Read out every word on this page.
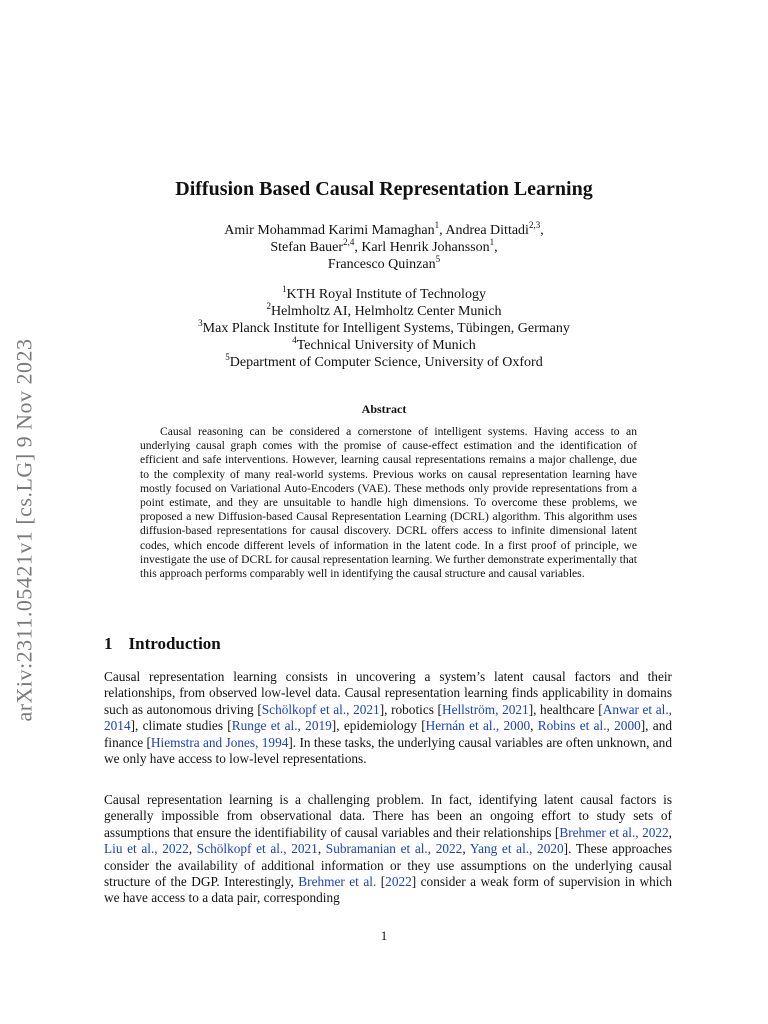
arXiv:2311.05421v1 [cs.LG] 9 Nov 2023
Diffusion Based Causal Representation Learning
Amir Mohammad Karimi Mamaghan$^1$, Andrea Dittadi$^{2,3}$,
Stefan Bauer$^{2,4}$, Karl Henrik Johansson$^1$,
Francesco Quinzan$^5$
$^1$KTH Royal Institute of Technology
$^2$Helmholtz AI, Helmholtz Center Munich
$^3$Max Planck Institute for Intelligent Systems, Tübingen, Germany
$^4$Technical University of Munich
$^5$Department of Computer Science, University of Oxford
Abstract

Causal reasoning can be considered a cornerstone of intelligent systems. Having access to an underlying causal graph comes with the promise of cause-effect estimation and the identification of efficient and safe interventions. However, learning causal representations remains a major challenge, due to the complexity of many real-world systems. Previous works on causal representation learning have mostly focused on Variational Auto-Encoders (VAE). These methods only provide representations from a point estimate, and they are unsuitable to handle high dimensions. To overcome these problems, we proposed a new Diffusion-based Causal Representation Learning (DCRL) algorithm. This algorithm uses diffusion-based representations for causal discovery. DCRL offers access to infinite dimensional latent codes, which encode different levels of information in the latent code. In a first proof of principle, we investigate the use of DCRL for causal representation learning. We further demonstrate experimentally that this approach performs comparably well in identifying the causal structure and causal variables.

1 Introduction

Causal representation learning consists in uncovering a system’s latent causal factors and their relationships, from observed low-level data. Causal representation learning finds applicability in domains such as autonomous driving [Schölkopf et al., 2021], robotics [Hellström, 2021], healthcare [Anwar et al., 2014], climate studies [Runge et al., 2019], epidemiology [Hernán et al., 2000, Robins et al., 2000], and finance [Hiemstra and Jones, 1994]. In these tasks, the underlying causal variables are often unknown, and we only have access to low-level representations.

Causal representation learning is a challenging problem. In fact, identifying latent causal factors is generally impossible from observational data. There has been an ongoing effort to study sets of assumptions that ensure the identifiability of causal variables and their relationships [Brehmer et al., 2022, Liu et al., 2022, Schölkopf et al., 2021, Subramanian et al., 2022, Yang et al., 2020]. These approaches consider the availability of additional information or they use assumptions on the underlying causal structure of the DGP. Interestingly, Brehmer et al. [2022] consider a weak form of supervision in which we have access to a data pair, corresponding

1
